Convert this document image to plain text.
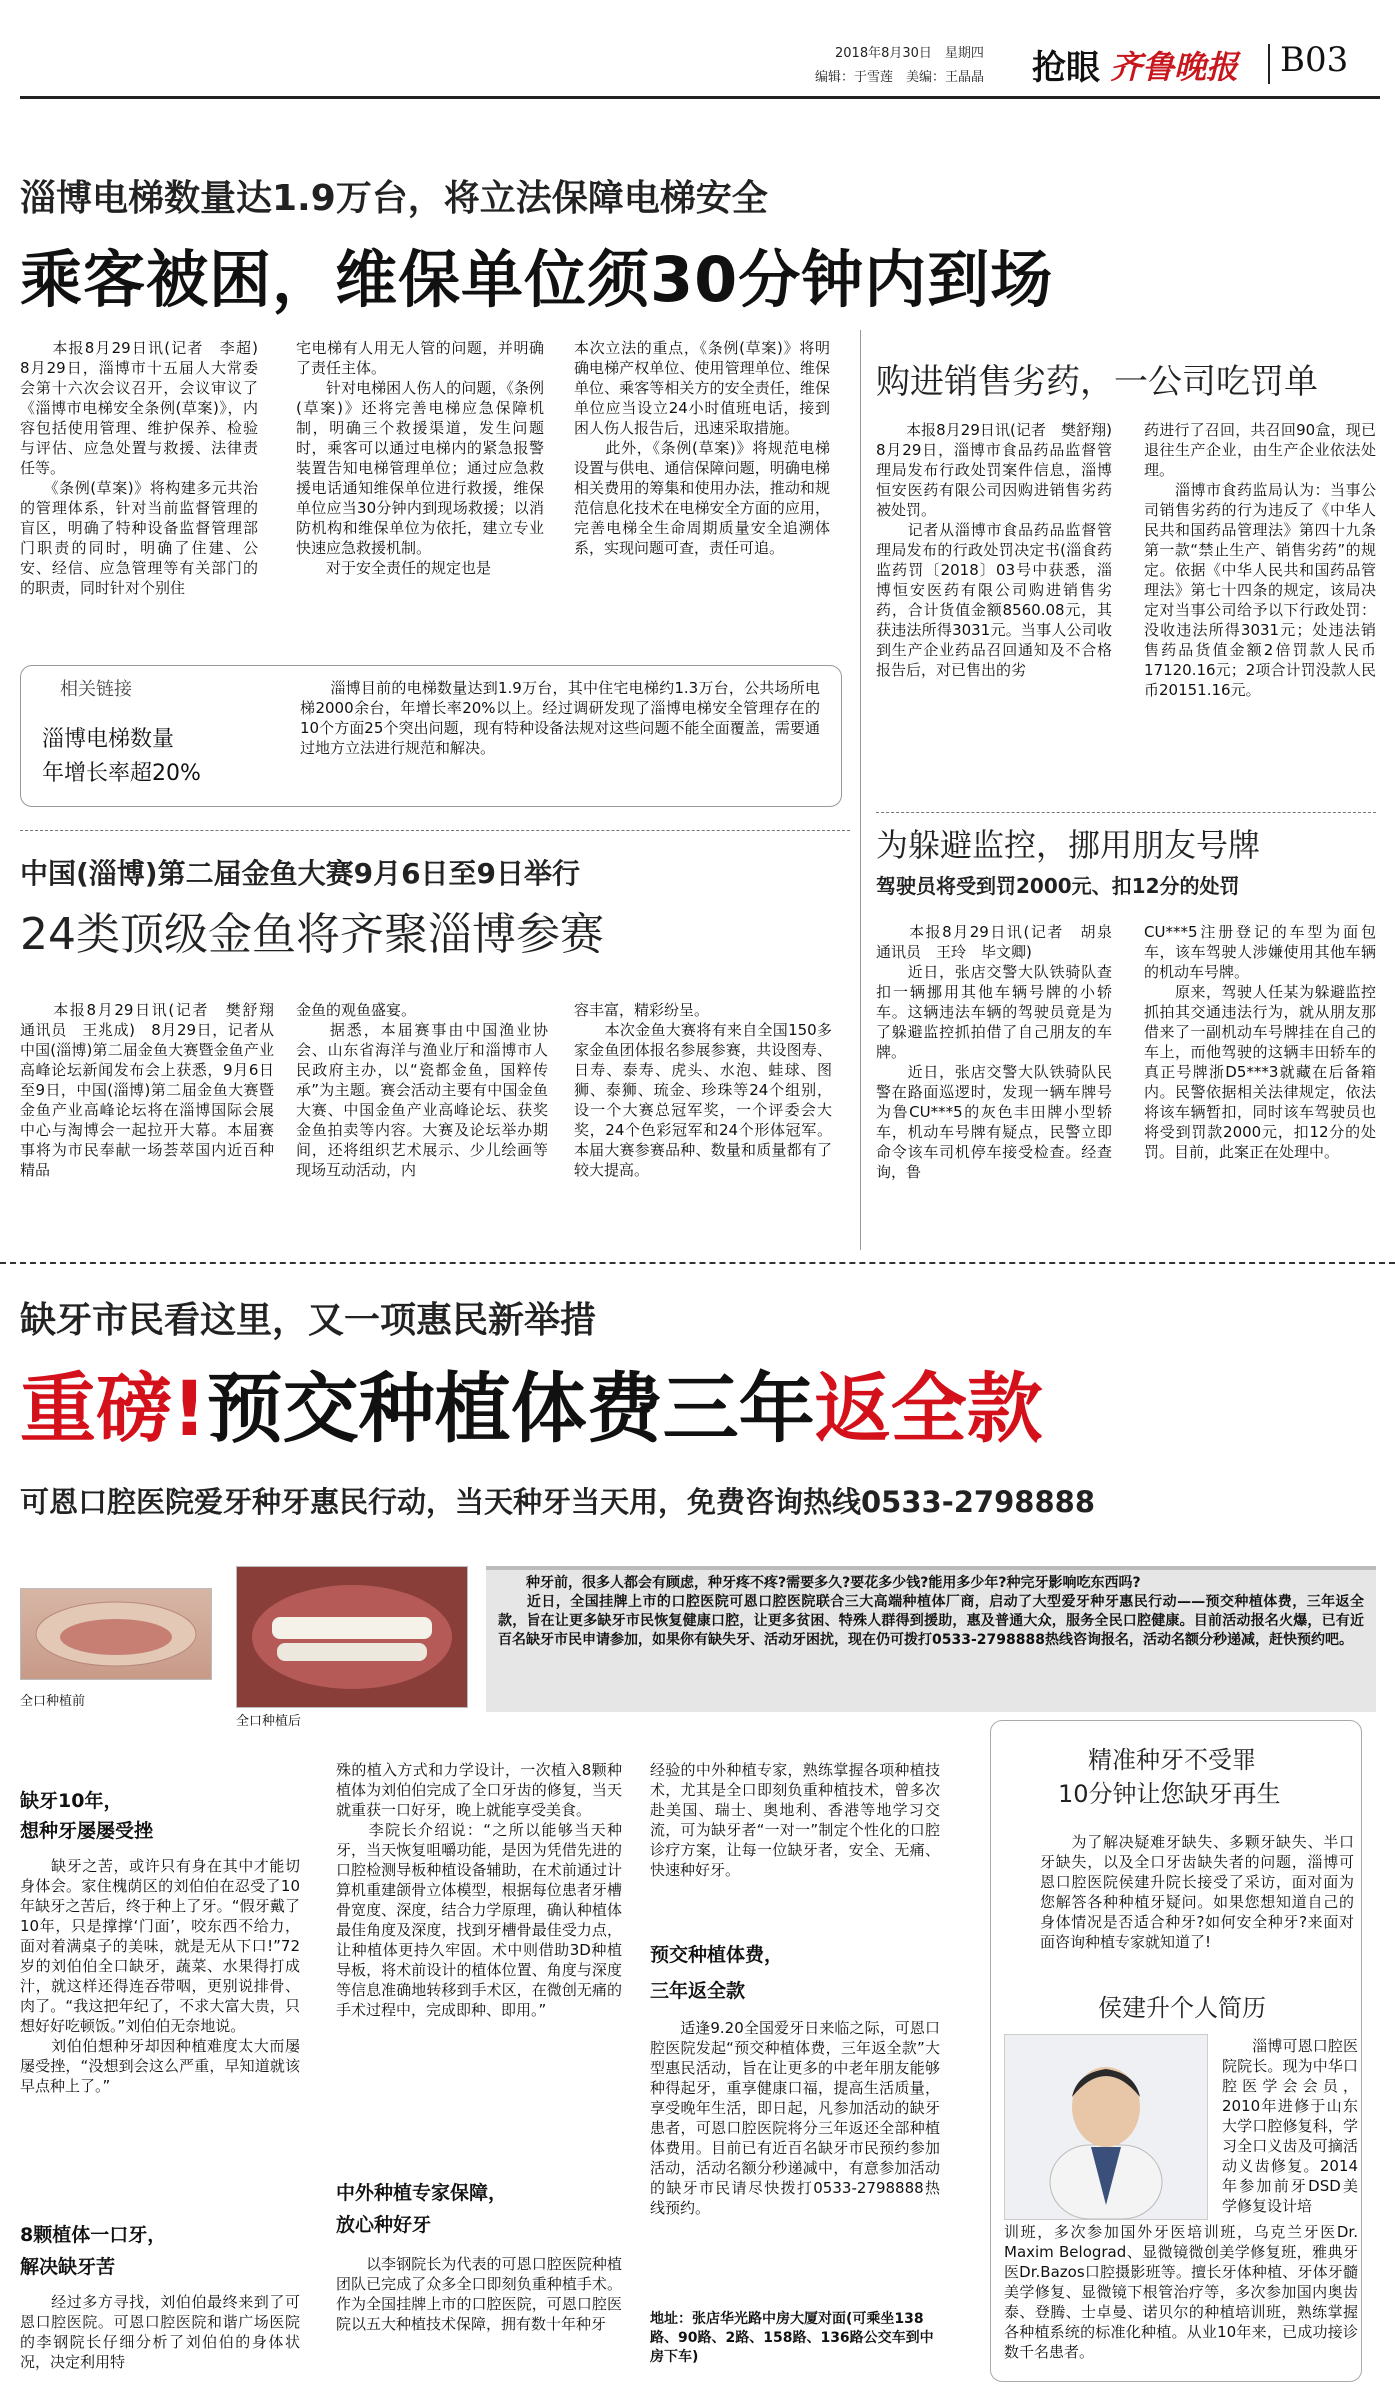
2018年8月30日　星期四
编辑：于雪莲　美编：王晶晶 抢眼 齐鲁晚报 B03
淄博电梯数量达1.9万台，将立法保障电梯安全
乘客被困，维保单位须30分钟内到场
　　本报8月29日讯(记者　李超)　8月29日，淄博市十五届人大常委会第十六次会议召开，会议审议了《淄博市电梯安全条例(草案)》，内容包括使用管理、维护保养、检验与评估、应急处置与救援、法律责任等。
　　《条例(草案)》将构建多元共治的管理体系，针对当前监督管理的盲区，明确了特种设备监督管理部门职责的同时，明确了住建、公安、经信、应急管理等有关部门的的职责，同时针对个别住
宅电梯有人用无人管的问题，并明确了责任主体。
　　针对电梯困人伤人的问题，《条例(草案)》还将完善电梯应急保障机制，明确三个救援渠道，发生问题时，乘客可以通过电梯内的紧急报警装置告知电梯管理单位；通过应急救援电话通知维保单位进行救援，维保单位应当30分钟内到现场救援；以消防机构和维保单位为依托，建立专业快速应急救援机制。
　　对于安全责任的规定也是
本次立法的重点，《条例(草案)》将明确电梯产权单位、使用管理单位、维保单位、乘客等相关方的安全责任，维保单位应当设立24小时值班电话，接到困人伤人报告后，迅速采取措施。
　　此外，《条例(草案)》将规范电梯设置与供电、通信保障问题，明确电梯相关费用的筹集和使用办法，推动和规范信息化技术在电梯安全方面的应用，完善电梯全生命周期质量安全追溯体系，实现问题可查，责任可追。
相关链接
淄博电梯数量
年增长率超20%
　　淄博目前的电梯数量达到1.9万台，其中住宅电梯约1.3万台，公共场所电梯2000余台，年增长率20%以上。经过调研发现了淄博电梯安全管理存在的10个方面25个突出问题，现有特种设备法规对这些问题不能全面覆盖，需要通过地方立法进行规范和解决。
购进销售劣药，一公司吃罚单
　　本报8月29日讯(记者　樊舒翔)　8月29日，淄博市食品药品监督管理局发布行政处罚案件信息，淄博恒安医药有限公司因购进销售劣药被处罚。
　　记者从淄博市食品药品监督管理局发布的行政处罚决定书(淄食药监药罚〔2018〕03号中获悉，淄博恒安医药有限公司购进销售劣药，合计货值金额8560.08元，其获违法所得3031元。当事人公司收到生产企业药品召回通知及不合格报告后，对已售出的劣
药进行了召回，共召回90盒，现已退往生产企业，由生产企业依法处理。
　　淄博市食药监局认为：当事公司销售劣药的行为违反了《中华人民共和国药品管理法》第四十九条第一款“禁止生产、销售劣药”的规定。依据《中华人民共和国药品管理法》第七十四条的规定，该局决定对当事公司给予以下行政处罚：没收违法所得3031元；处违法销售药品货值金额2倍罚款人民币17120.16元；2项合计罚没款人民币20151.16元。
中国(淄博)第二届金鱼大赛9月6日至9日举行
24类顶级金鱼将齐聚淄博参赛
　　本报8月29日讯(记者　樊舒翔　通讯员　王兆成)　8月29日，记者从中国(淄博)第二届金鱼大赛暨金鱼产业高峰论坛新闻发布会上获悉，9月6日至9日，中国(淄博)第二届金鱼大赛暨金鱼产业高峰论坛将在淄博国际会展中心与淘博会一起拉开大幕。本届赛事将为市民奉献一场荟萃国内近百种精品
金鱼的观鱼盛宴。
　　据悉，本届赛事由中国渔业协会、山东省海洋与渔业厅和淄博市人民政府主办，以“瓷都金鱼，国粹传承”为主题。赛会活动主要有中国金鱼大赛、中国金鱼产业高峰论坛、获奖金鱼拍卖等内容。大赛及论坛举办期间，还将组织艺术展示、少儿绘画等现场互动活动，内
容丰富，精彩纷呈。
　　本次金鱼大赛将有来自全国150多家金鱼团体报名参展参赛，共设图寿、日寿、泰寿、虎头、水泡、蛙球、图狮、泰狮、琉金、珍珠等24个组别，设一个大赛总冠军奖，一个评委会大奖，24个色彩冠军和24个形体冠军。本届大赛参赛品种、数量和质量都有了较大提高。
为躲避监控，挪用朋友号牌
驾驶员将受到罚2000元、扣12分的处罚
　　本报8月29日讯(记者　胡泉　通讯员　王玲　毕文卿)
　　近日，张店交警大队铁骑队查扣一辆挪用其他车辆号牌的小轿车。这辆违法车辆的驾驶员竟是为了躲避监控抓拍借了自己朋友的车牌。
　　近日，张店交警大队铁骑队民警在路面巡逻时，发现一辆车牌号为鲁CU***5的灰色丰田牌小型轿车，机动车号牌有疑点，民警立即命令该车司机停车接受检查。经查询，鲁
CU***5注册登记的车型为面包车，该车驾驶人涉嫌使用其他车辆的机动车号牌。
　　原来，驾驶人任某为躲避监控抓拍其交通违法行为，就从朋友那借来了一副机动车号牌挂在自己的车上，而他驾驶的这辆丰田轿车的真正号牌浙D5***3就藏在后备箱内。民警依据相关法律规定，依法将该车辆暂扣，同时该车驾驶员也将受到罚款2000元，扣12分的处罚。目前，此案正在处理中。
缺牙市民看这里，又一项惠民新举措
重磅!预交种植体费三年返全款
可恩口腔医院爱牙种牙惠民行动，当天种牙当天用，免费咨询热线0533-2798888
全口种植前
全口种植后
　　种牙前，很多人都会有顾虑，种牙疼不疼?需要多久?要花多少钱?能用多少年?种完牙影响吃东西吗?
　　近日，全国挂牌上市的口腔医院可恩口腔医院联合三大高端种植体厂商，启动了大型爱牙种牙惠民行动——预交种植体费，三年返全款，旨在让更多缺牙市民恢复健康口腔，让更多贫困、特殊人群得到援助，惠及普通大众，服务全民口腔健康。目前活动报名火爆，已有近百名缺牙市民申请参加，如果你有缺失牙、活动牙困扰，现在仍可拨打0533-2798888热线咨询报名，活动名额分秒递减，赶快预约吧。
缺牙10年，
想种牙屡屡受挫
　　缺牙之苦，或许只有身在其中才能切身体会。家住槐荫区的刘伯伯在忍受了10年缺牙之苦后，终于种上了牙。“假牙戴了10年，只是撑撑‘门面’，咬东西不给力，面对着满桌子的美味，就是无从下口!”72岁的刘伯伯全口缺牙，蔬菜、水果得打成汁，就这样还得连吞带咽，更别说排骨、肉了。“我这把年纪了，不求大富大贵，只想好好吃顿饭。”刘伯伯无奈地说。
　　刘伯伯想种牙却因种植难度太大而屡屡受挫，“没想到会这么严重，早知道就该早点种上了。”
8颗植体一口牙，
解决缺牙苦
　　经过多方寻找，刘伯伯最终来到了可恩口腔医院。可恩口腔医院和谐广场医院的李钢院长仔细分析了刘伯伯的身体状况，决定利用特
殊的植入方式和力学设计，一次植入8颗种植体为刘伯伯完成了全口牙齿的修复，当天就重获一口好牙，晚上就能享受美食。
　　李院长介绍说：“之所以能够当天种牙，当天恢复咀嚼功能，是因为凭借先进的口腔检测导板种植设备辅助，在术前通过计算机重建颌骨立体模型，根据每位患者牙槽骨宽度、深度，结合力学原理，确认种植体最佳角度及深度，找到牙槽骨最佳受力点，让种植体更持久牢固。术中则借助3D种植导板，将术前设计的植体位置、角度与深度等信息准确地转移到手术区，在微创无痛的手术过程中，完成即种、即用。”
中外种植专家保障，
放心种好牙
　　以李钢院长为代表的可恩口腔医院种植团队已完成了众多全口即刻负重种植手术。作为全国挂牌上市的口腔医院，可恩口腔医院以五大种植技术保障，拥有数十年种牙
经验的中外种植专家，熟练掌握各项种植技术，尤其是全口即刻负重种植技术，曾多次赴美国、瑞士、奥地利、香港等地学习交流，可为缺牙者“一对一”制定个性化的口腔诊疗方案，让每一位缺牙者，安全、无痛、快速种好牙。
预交种植体费，
三年返全款
　　适逢9.20全国爱牙日来临之际，可恩口腔医院发起“预交种植体费，三年返全款”大型惠民活动，旨在让更多的中老年朋友能够种得起牙，重享健康口福，提高生活质量，享受晚年生活，即日起，凡参加活动的缺牙患者，可恩口腔医院将分三年返还全部种植体费用。目前已有近百名缺牙市民预约参加活动，活动名额分秒递减中，有意参加活动的缺牙市民请尽快拨打0533-2798888热线预约。
地址：张店华光路中房大厦对面(可乘坐138路、90路、2路、158路、136路公交车到中房下车)
精准种牙不受罪
10分钟让您缺牙再生
　　为了解决疑难牙缺失、多颗牙缺失、半口牙缺失，以及全口牙齿缺失者的问题，淄博可恩口腔医院侯建升院长接受了采访，面对面为您解答各种种植牙疑问。如果您想知道自己的身体情况是否适合种牙?如何安全种牙?来面对面咨询种植专家就知道了!
侯建升个人简历
　　淄博可恩口腔医院院长。现为中华口腔医学会会员，2010年进修于山东大学口腔修复科，学习全口义齿及可摘活动义齿修复。2014年参加前牙DSD美学修复设计培
训班，多次参加国外牙医培训班，乌克兰牙医Dr. Maxim Belograd、显微镜微创美学修复班，雅典牙医Dr.Bazos口腔摄影班等。擅长牙体种植、牙体牙髓美学修复、显微镜下根管治疗等，多次参加国内奥齿泰、登腾、士卓曼、诺贝尔的种植培训班，熟练掌握各种植系统的标准化种植。从业10年来，已成功接诊数千名患者。
